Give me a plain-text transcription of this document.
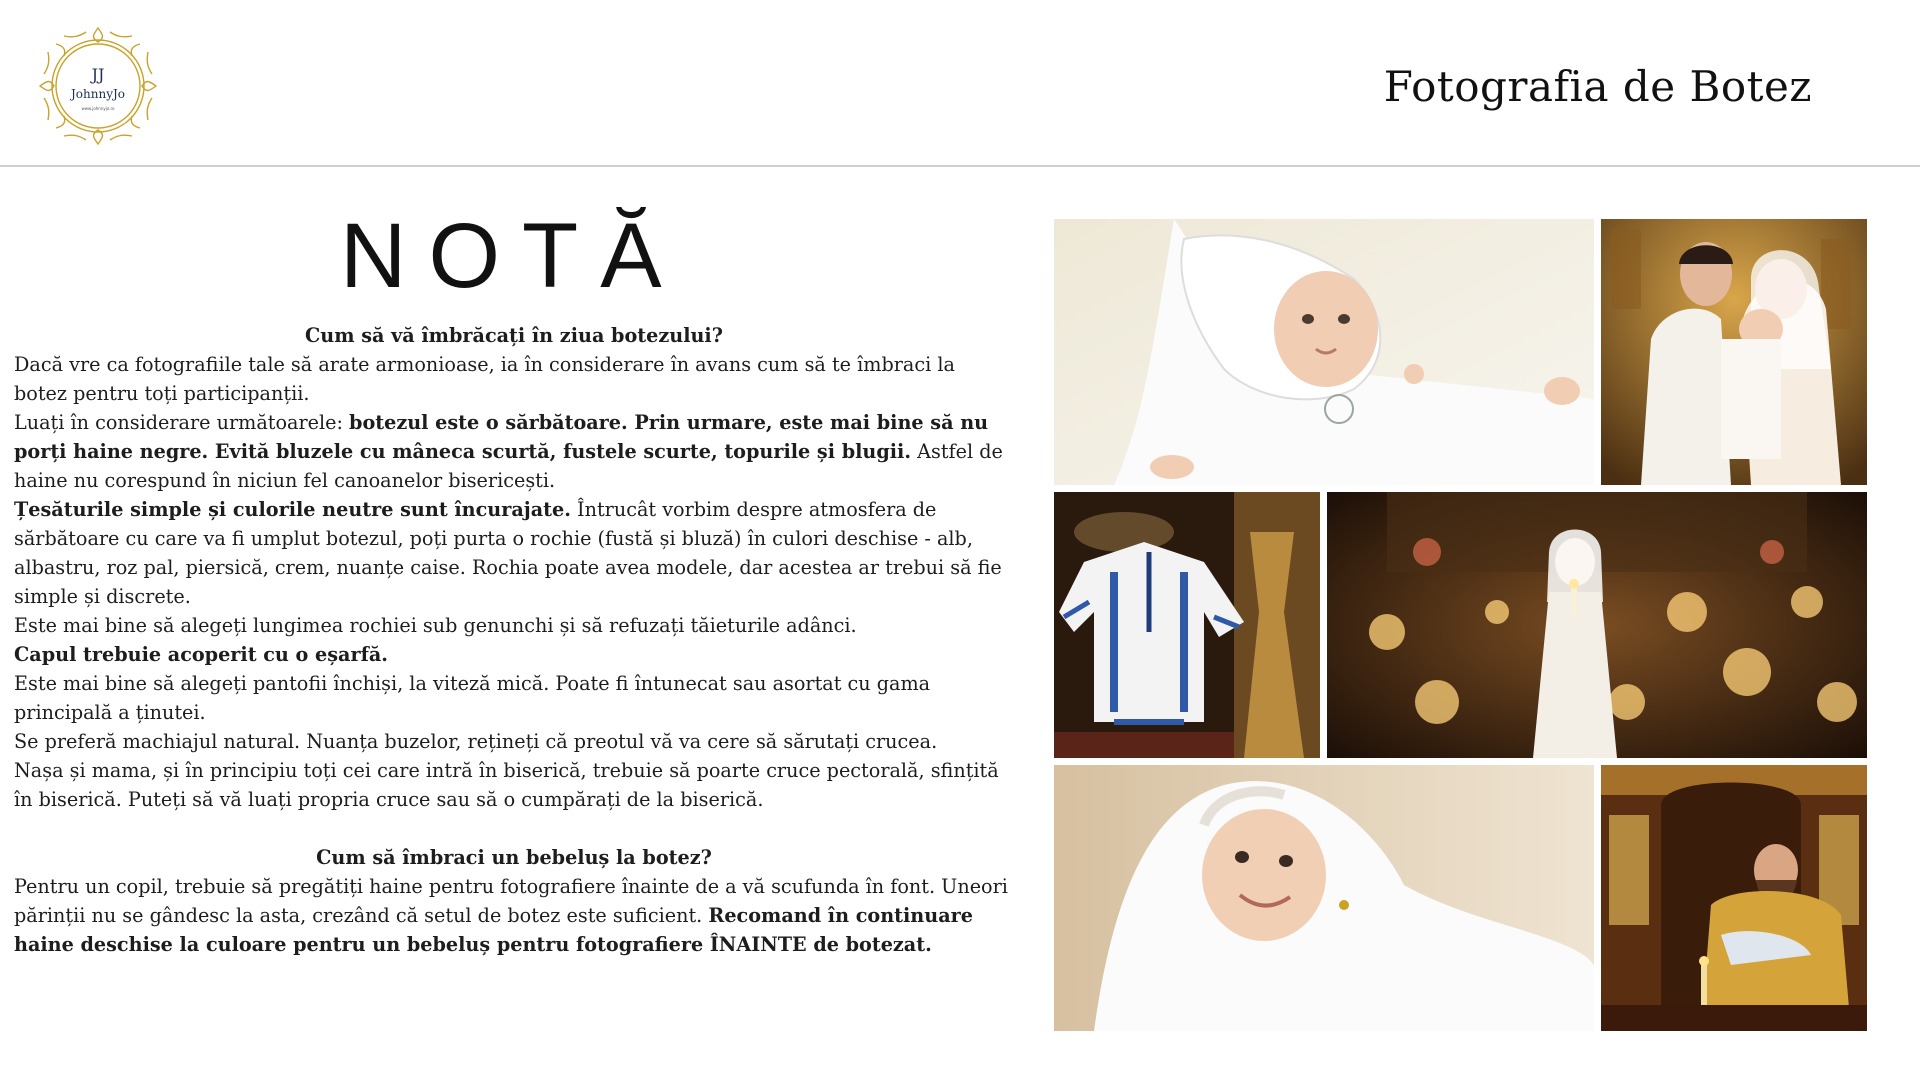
JJ
JohnnyJo
www.johnnyjo.ro	Fotografia de Botez
NOTĂ

Cum să vă îmbrăcați în ziua botezului?

Dacă vre ca fotografiile tale să arate armonioase, ia în considerare în avans cum să te îmbraci la botez pentru toți participanții.

Luați în considerare următoarele: botezul este o sărbătoare. Prin urmare, este mai bine să nu porți haine negre. Evită bluzele cu mâneca scurtă, fustele scurte, topurile și blugii. Astfel de haine nu corespund în niciun fel canoanelor bisericești.

Țesăturile simple și culorile neutre sunt încurajate. Întrucât vorbim despre atmosfera de sărbătoare cu care va fi umplut botezul, poți purta o rochie (fustă și bluză) în culori deschise - alb, albastru, roz pal, piersică, crem, nuanțe caise. Rochia poate avea modele, dar acestea ar trebui să fie simple și discrete.

Este mai bine să alegeți lungimea rochiei sub genunchi și să refuzați tăieturile adânci.

Capul trebuie acoperit cu o eșarfă.

Este mai bine să alegeți pantofii închiși, la viteză mică. Poate fi întunecat sau asortat cu gama principală a ținutei.

Se preferă machiajul natural. Nuanța buzelor, rețineți că preotul vă va cere să sărutați crucea.

Nașa și mama, și în principiu toți cei care intră în biserică, trebuie să poarte cruce pectorală, sfințită în biserică. Puteți să vă luați propria cruce sau să o cumpărați de la biserică.

Cum să îmbraci un bebeluș la botez?

Pentru un copil, trebuie să pregătiți haine pentru fotografiere înainte de a vă scufunda în font. Uneori părinții nu se gândesc la asta, crezând că setul de botez este suficient. Recomand în continuare haine deschise la culoare pentru un bebeluș pentru fotografiere ÎNAINTE de botezat.
